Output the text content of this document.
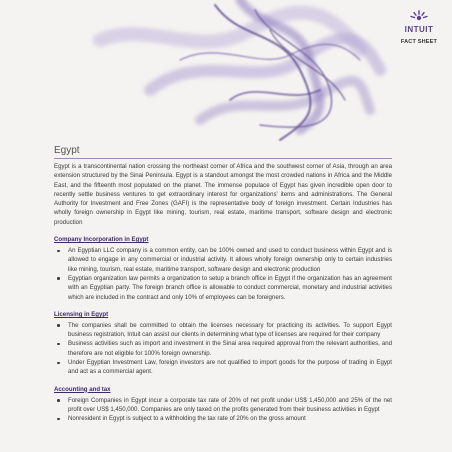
INTUIT
FACT SHEET
Egypt

Egypt is a transcontinental nation crossing the northeast corner of Africa and the southwest corner of Asia, through an area extension structured by the Sinai Peninsula. Egypt is a standout amongst the most crowded nations in Africa and the Middle East, and the fifteenth most populated on the planet. The immense populace of Egypt has given incredible open door to recently settle business ventures to get extraordinary interest for organizations' items and administrations. The General Authority for Investment and Free Zones (GAFI) is the representative body of foreign investment. Certain Industries has wholly foreign ownership in Egypt like mining, tourism, real estate, maritime transport, software design and electronic production

Company Incorporation in Egypt
An Egyptian LLC company is a common entity, can be 100% owned and used to conduct business within Egypt and is allowed to engage in any commercial or industrial activity. It allows wholly foreign ownership only to certain industries like mining, tourism, real estate, maritime transport, software design and electronic production
Egyptian organization law permits a organization to setup a branch office in Egypt if the organization has an agreement with an Egyptian party. The foreign branch office is allowable to conduct commercial, monetary and industrial activities which are included in the contract and only 10% of employees can be foreigners.
Licensing in Egypt
The companies shall be committed to obtain the licenses necessary for practicing its activities. To support Egypt business registration, Intuit can assist our clients in determining what type of licenses are required for their company
Business activities such as import and investment in the Sinai area required approval from the relevant authorities, and therefore are not eligible for 100% foreign ownership.
Under Egyptian Investment Law, foreign investors are not qualified to import goods for the purpose of trading in Egypt and act as a commercial agent.
Accounting and tax
Foreign Companies in Egypt incur a corporate tax rate of 20% of net profit under US$ 1,450,000 and 25% of the net profit over US$ 1,450,000. Companies are only taxed on the profits generated from their business activities in Egypt
Nonresident in Egypt is subject to a withholding the tax rate of 20% on the gross amount
